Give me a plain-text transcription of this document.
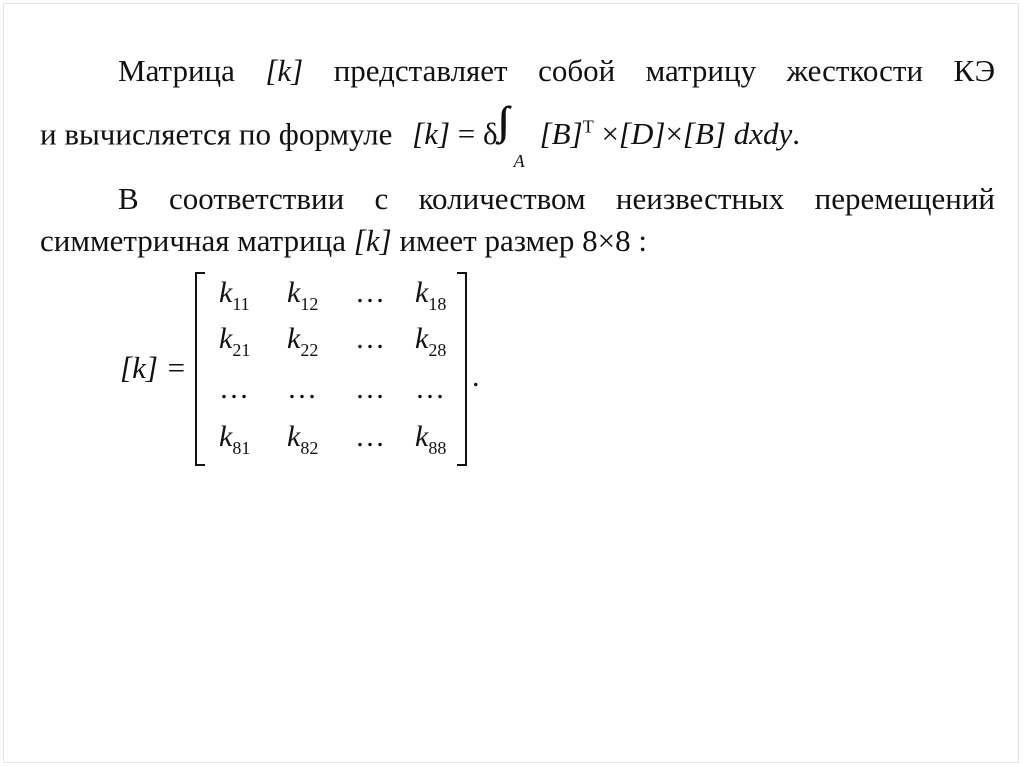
Матрица [k] представляет собой матрицу жесткости КЭ
и вычисляется по формуле [k] = δ ∫∫
A
$[B]^T \times[D]\times[B]$ dxdy.
В соответствии с количеством неизвестных перемещений
симметричная матрица [k] имеет размер 8×8 :
[k] =
$k_{11}$ $k_{12}$ … $k_{18}$
$k_{21}$ $k_{22}$ … $k_{28}$
… … … …
$k_{81}$ $k_{82}$ … $k_{88}$
.
